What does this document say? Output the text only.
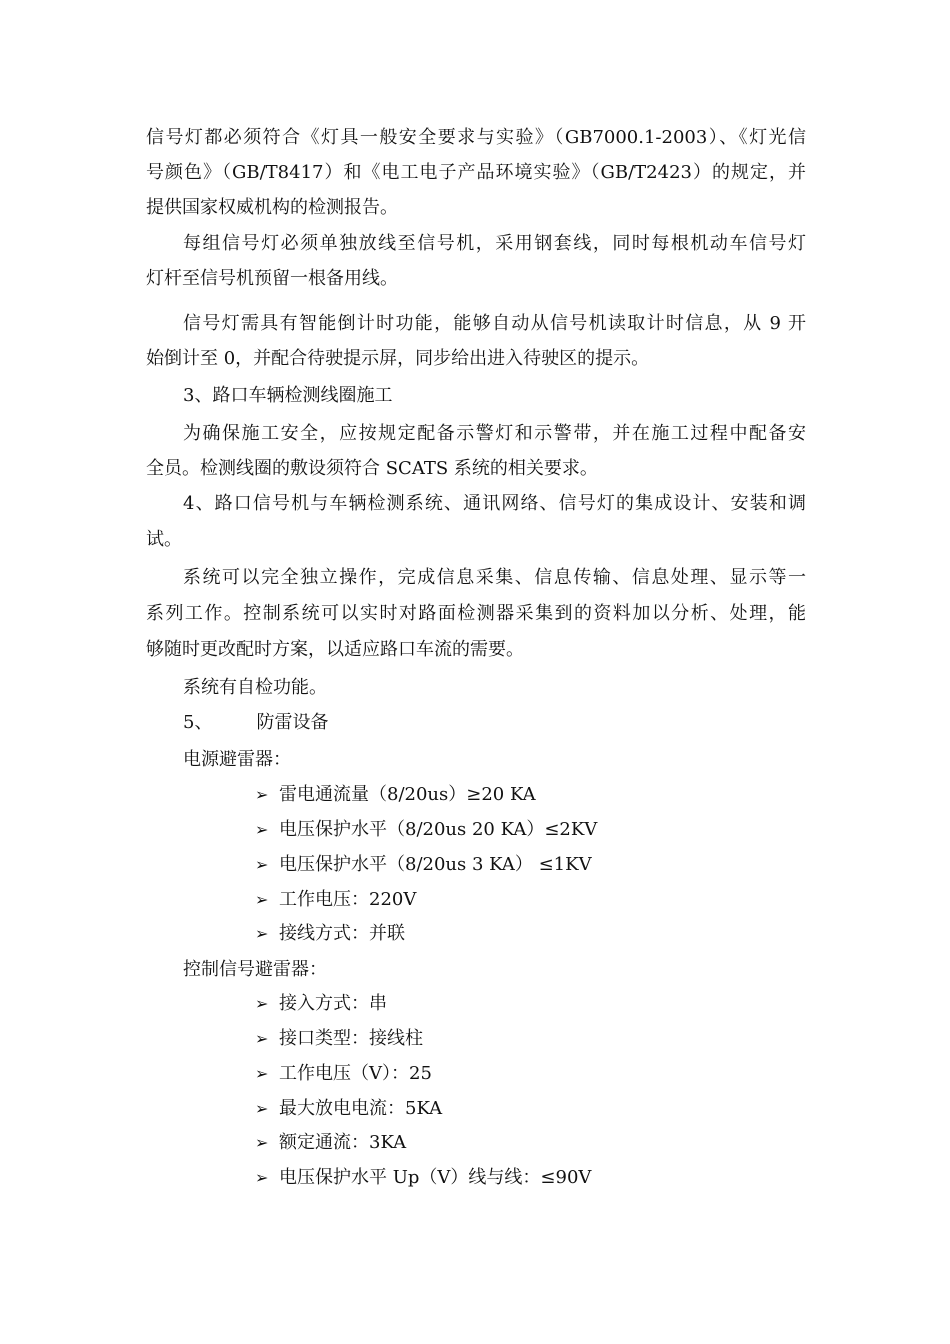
信号灯都必须符合《灯具一般安全要求与实验》（GB7000.1-2003）、《灯光信
号颜色》（GB/T8417）和《电工电子产品环境实验》（GB/T2423）的规定，并
提供国家权威机构的检测报告。
每组信号灯必须单独放线至信号机，采用钢套线，同时每根机动车信号灯
灯杆至信号机预留一根备用线。
信号灯需具有智能倒计时功能，能够自动从信号机读取计时信息，从 9 开
始倒计至 0，并配合待驶提示屏，同步给出进入待驶区的提示。
3、路口车辆检测线圈施工
为确保施工安全，应按规定配备示警灯和示警带，并在施工过程中配备安
全员。检测线圈的敷设须符合 SCATS 系统的相关要求。
4、路口信号机与车辆检测系统、通讯网络、信号灯的集成设计、安装和调
试。
系统可以完全独立操作，完成信息采集、信息传输、信息处理、显示等一
系列工作。控制系统可以实时对路面检测器采集到的资料加以分析、处理，能
够随时更改配时方案，以适应路口车流的需要。
系统有自检功能。
5、 防雷设备
电源避雷器：
➢ 雷电通流量（8/20us）≥20 KA
➢ 电压保护水平（8/20us 20 KA）≤2KV
➢ 电压保护水平（8/20us 3 KA） ≤1KV
➢ 工作电压：220V
➢ 接线方式：并联
控制信号避雷器：
➢ 接入方式：串
➢ 接口类型：接线柱
➢ 工作电压（V）：25
➢ 最大放电电流：5KA
➢ 额定通流：3KA
➢ 电压保护水平 Up（V）线与线：≤90V
